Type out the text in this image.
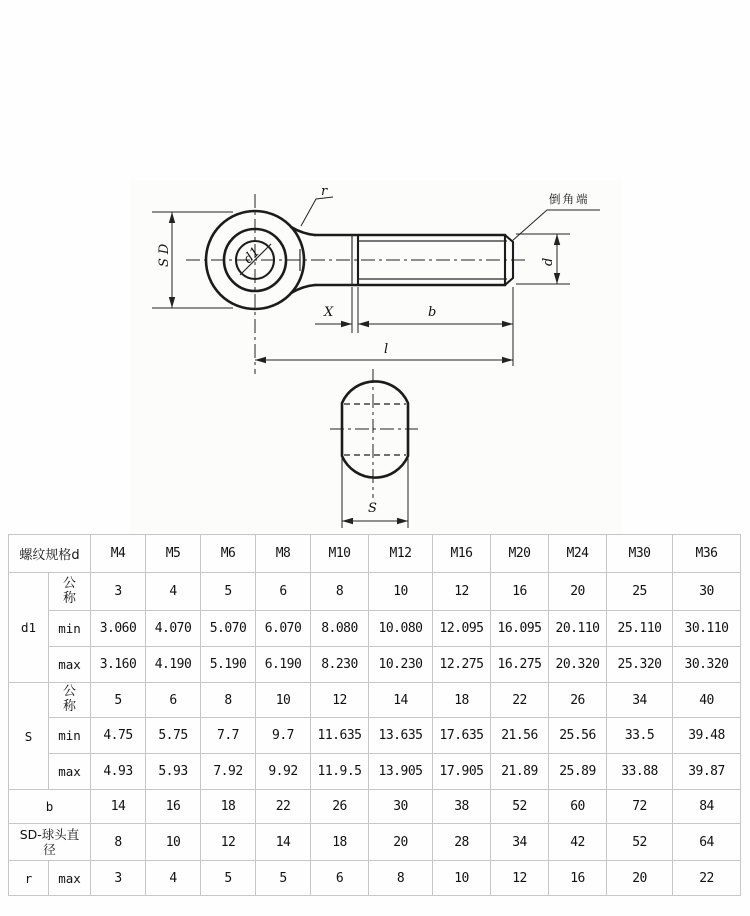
d1
SD
r	倒角端
d
X	b
l
S
螺纹规格d		M4	M5	M6	M8	M10	M12	M16	M20	M24	M30	M36
d1	公称	3	4	5	6	8	10	12	16	20	25	30
	min	3.060	4.070	5.070	6.070	8.080	10.080	12.095	16.095	20.110	25.110	30.110
	max	3.160	4.190	5.190	6.190	8.230	10.230	12.275	16.275	20.320	25.320	30.320
S	公称	5	6	8	10	12	14	18	22	26	34	40
	min	4.75	5.75	7.7	9.7	11.635	13.635	17.635	21.56	25.56	33.5	39.48
	max	4.93	5.93	7.92	9.92	11.9.5	13.905	17.905	21.89	25.89	33.88	39.87
b		14	16	18	22	26	30	38	52	60	72	84
SD-球头直径		8	10	12	14	18	20	28	34	42	52	64
r	max	3	4	5	5	6	8	10	12	16	20	22
